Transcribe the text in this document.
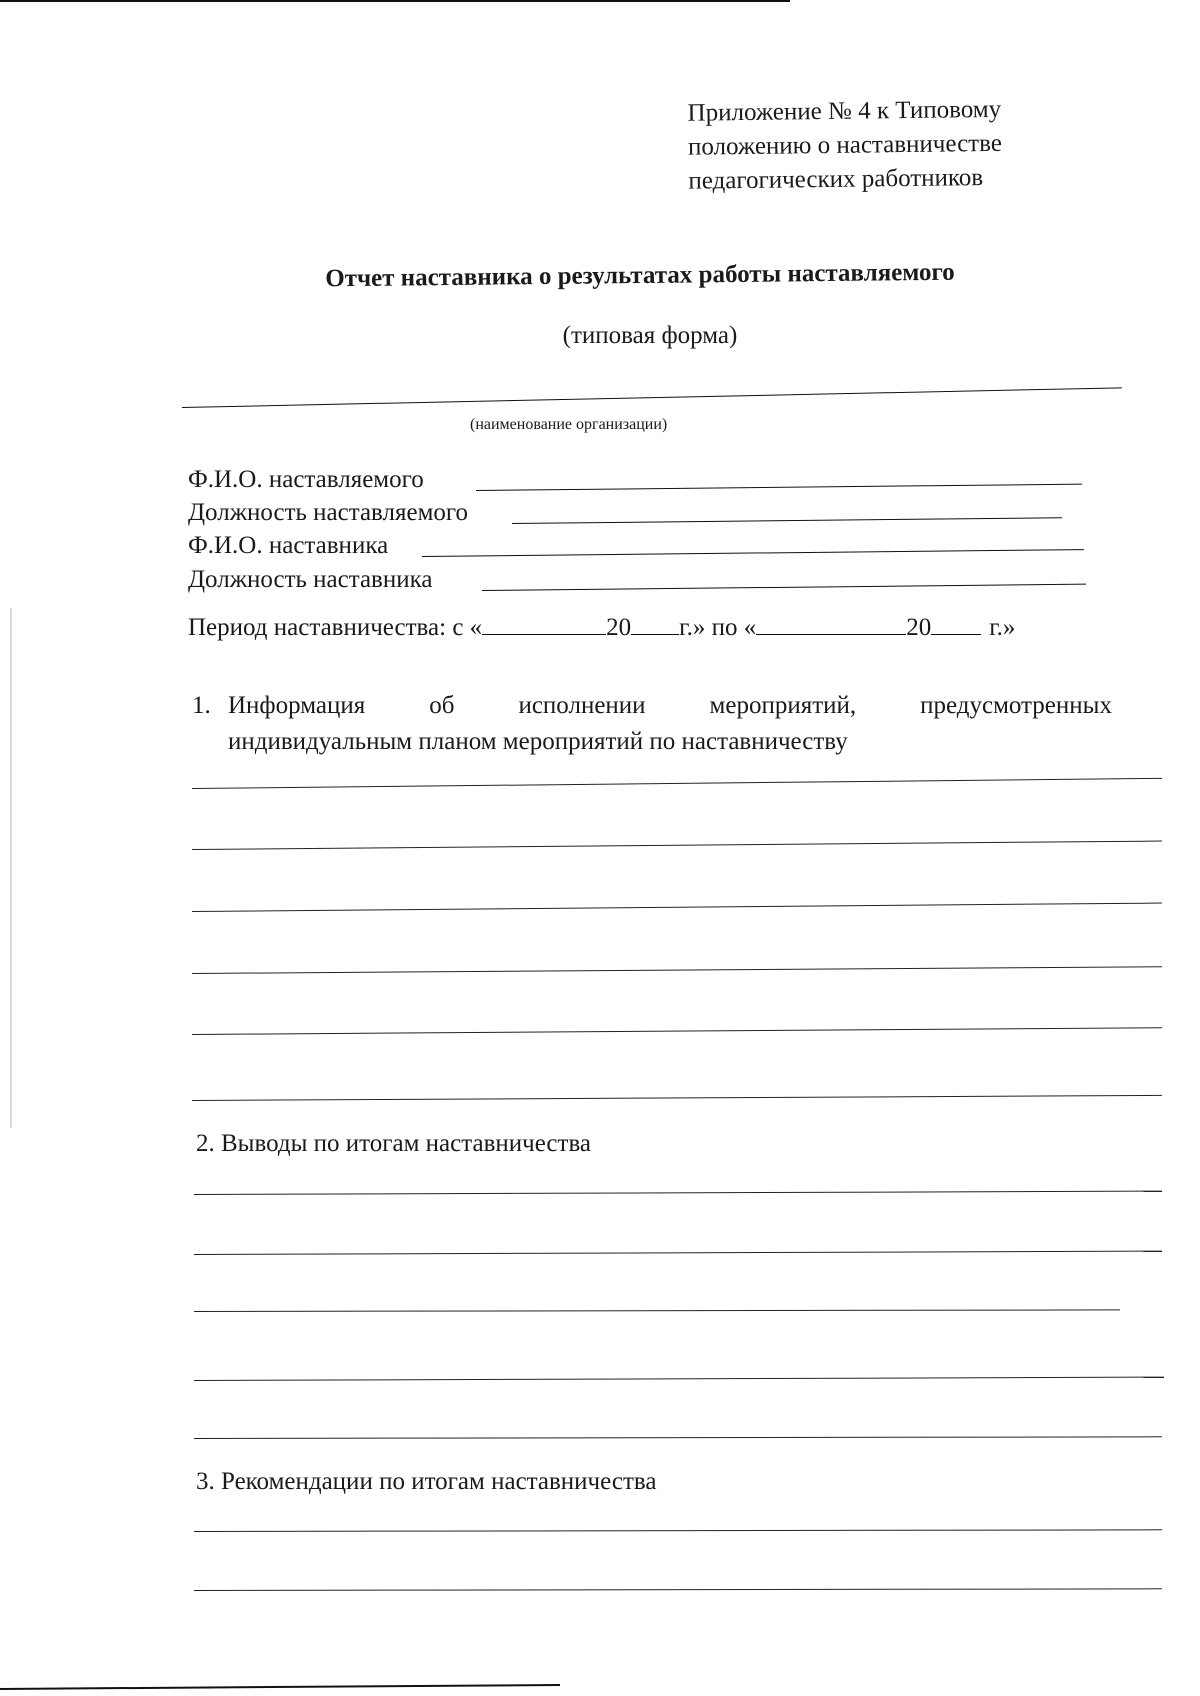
Приложение № 4 к Типовому
положению о наставничестве
педагогических работников
Отчет наставника о результатах работы наставляемого
(типовая форма)
(наименование организации)
Ф.И.О. наставляемого
Должность наставляемого
Ф.И.О. наставника
Должность наставника
Период наставничества: с «	20 г.» по «	20 г.»
1. Информация	об	исполнении	мероприятий,	предусмотренных
индивидуальным планом мероприятий по наставничеству
2. Выводы по итогам наставничества
3. Рекомендации по итогам наставничества
